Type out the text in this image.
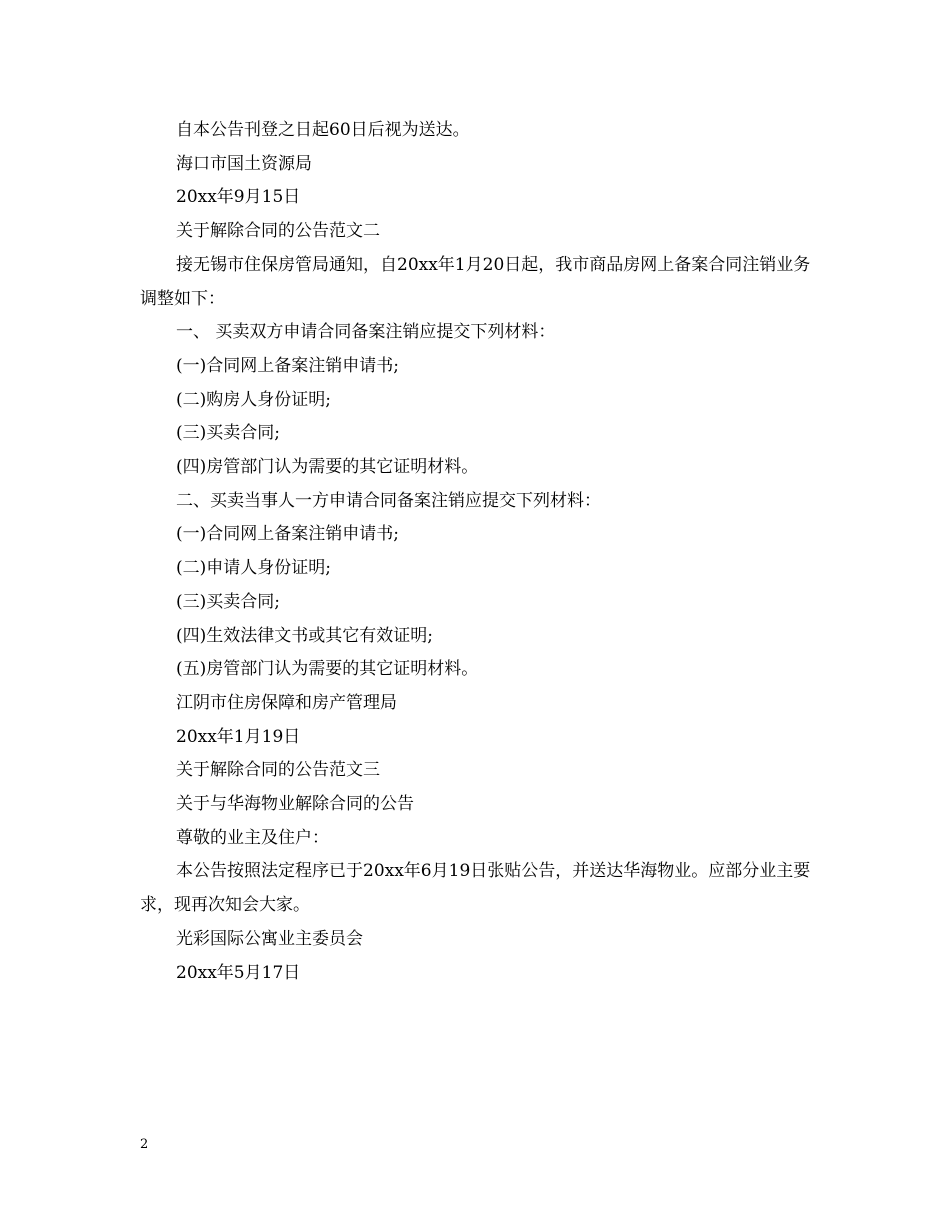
自本公告刊登之日起60日后视为送达。

海口市国土资源局

20xx年9月15日

关于解除合同的公告范文二

接无锡市住保房管局通知，自20xx年1月20日起，我市商品房网上备案合同注销业务调整如下：

一、 买卖双方申请合同备案注销应提交下列材料：

(一)合同网上备案注销申请书;

(二)购房人身份证明;

(三)买卖合同;

(四)房管部门认为需要的其它证明材料。

二、买卖当事人一方申请合同备案注销应提交下列材料：

(一)合同网上备案注销申请书;

(二)申请人身份证明;

(三)买卖合同;

(四)生效法律文书或其它有效证明;

(五)房管部门认为需要的其它证明材料。

江阴市住房保障和房产管理局

20xx年1月19日

关于解除合同的公告范文三

关于与华海物业解除合同的公告

尊敬的业主及住户：

本公告按照法定程序已于20xx年6月19日张贴公告，并送达华海物业。应部分业主要求，现再次知会大家。

光彩国际公寓业主委员会

20xx年5月17日

2
